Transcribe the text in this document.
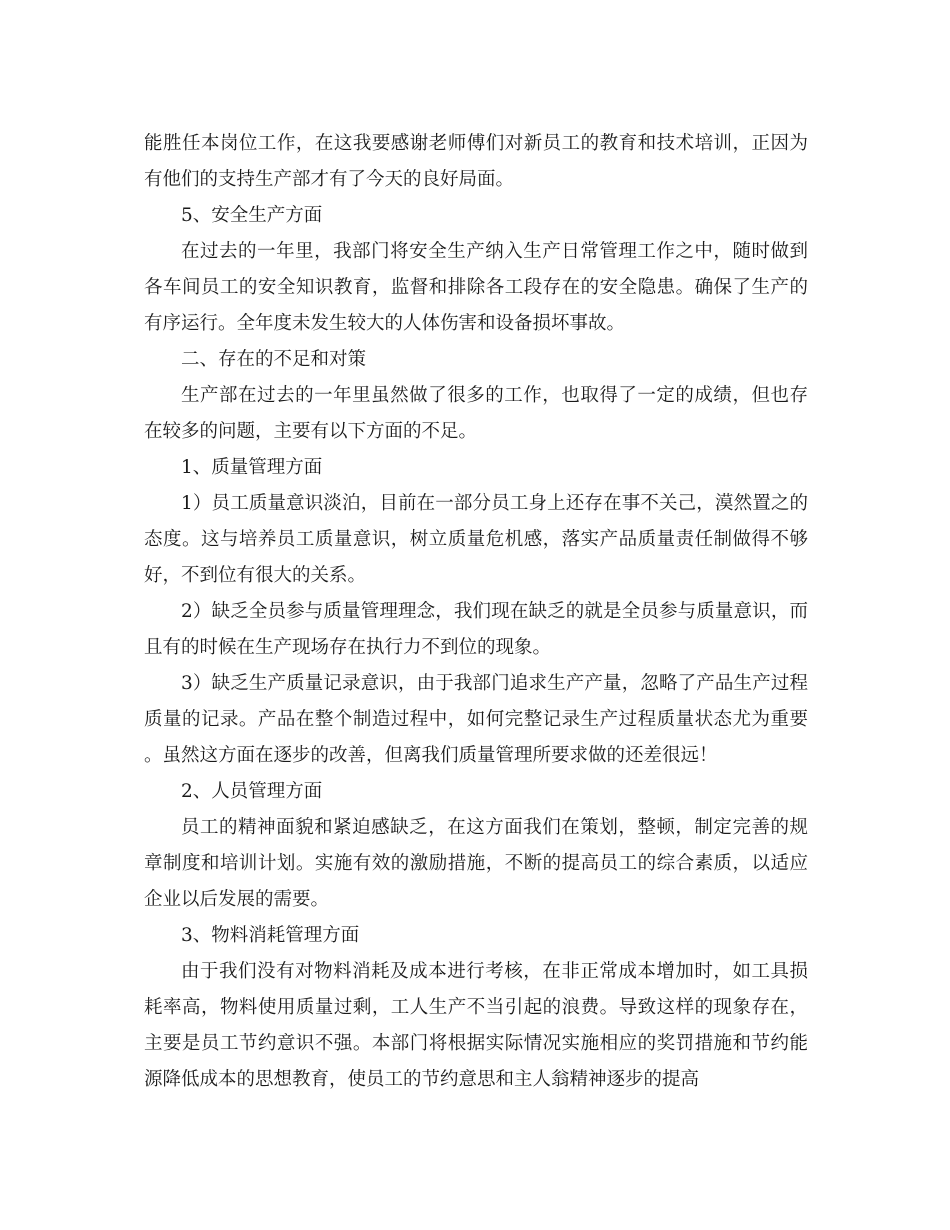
能胜任本岗位工作，在这我要感谢老师傅们对新员工的教育和技术培训，正因为有他们的支持生产部才有了今天的良好局面。

5、安全生产方面

在过去的一年里，我部门将安全生产纳入生产日常管理工作之中，随时做到各车间员工的安全知识教育，监督和排除各工段存在的安全隐患。确保了生产的有序运行。全年度未发生较大的人体伤害和设备损坏事故。

二、存在的不足和对策

生产部在过去的一年里虽然做了很多的工作，也取得了一定的成绩，但也存在较多的问题，主要有以下方面的不足。

1、质量管理方面

1）员工质量意识淡泊，目前在一部分员工身上还存在事不关己，漠然置之的态度。这与培养员工质量意识，树立质量危机感，落实产品质量责任制做得不够好，不到位有很大的关系。

2）缺乏全员参与质量管理理念，我们现在缺乏的就是全员参与质量意识，而且有的时候在生产现场存在执行力不到位的现象。

3）缺乏生产质量记录意识，由于我部门追求生产产量，忽略了产品生产过程质量的记录。产品在整个制造过程中，如何完整记录生产过程质量状态尤为重要。虽然这方面在逐步的改善，但离我们质量管理所要求做的还差很远！

2、人员管理方面

员工的精神面貌和紧迫感缺乏，在这方面我们在策划，整顿，制定完善的规章制度和培训计划。实施有效的激励措施，不断的提高员工的综合素质，以适应企业以后发展的需要。

3、物料消耗管理方面

由于我们没有对物料消耗及成本进行考核，在非正常成本增加时，如工具损耗率高，物料使用质量过剩，工人生产不当引起的浪费。导致这样的现象存在，主要是员工节约意识不强。本部门将根据实际情况实施相应的奖罚措施和节约能源降低成本的思想教育，使员工的节约意思和主人翁精神逐步的提高
